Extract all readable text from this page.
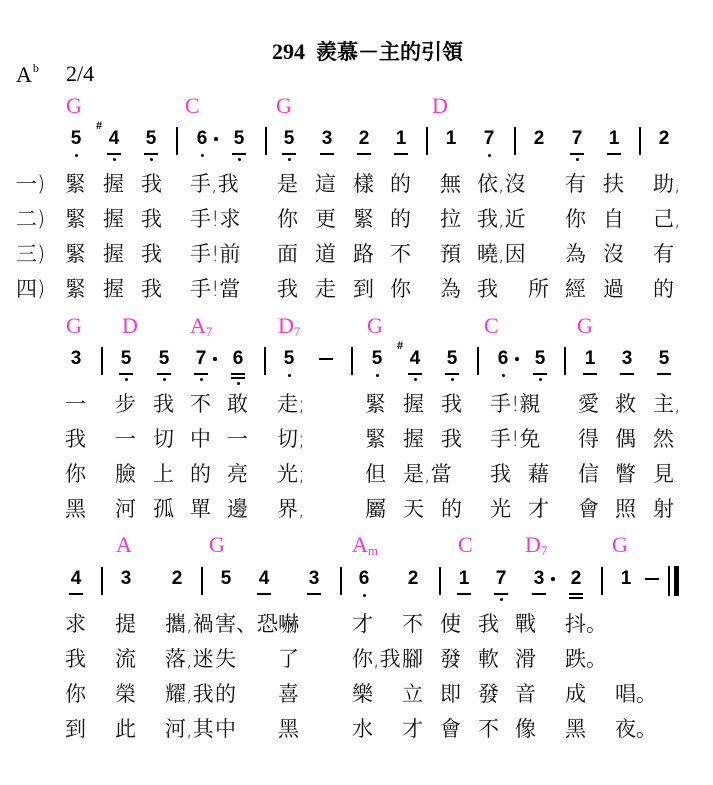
294 羨慕－主的引領
$A^b$ 2/4
G	C	G	D
5 4
#
5 6 5 5 3 2 1 1 7 2 7 1 2
一) 緊 握 我 手,我 是 這 樣 的 無 依,沒 有 扶 助,
二) 緊 握 我 手!求 你 更 緊 的 拉 我,近 你 自 己,
三) 緊 握 我 手!前 面 道 路 不 預 曉,因 為 沒 有
四) 緊 握 我 手!當 我 走 到 你 為 我 所 經 過 的
G D $A_7$	$D_7$	G	C	G
3 5 5 7 6 5	5 4
#
5 6 5 1 3 5
一 步 我 不 敢 走;	緊 握 我 手!親 愛 救 主,
我 一 切 中 一 切;	緊 握 我 手!免 得 偶 然
你 臉 上 的 亮 光;	但 是,當 我 藉 信 瞥 見
黑 河 孤 單 邊 界,	屬 天 的 光 才 會 照 射
A	G	$A_m$	C $D_7$	G
4 3 2 5 4 3 6 2 1 7 3 2 1
求 提 攜,禍 害、恐 嚇	才 不 使 我 戰 抖。
我 流 落,迷 失 了	你,我 腳 發 軟 滑 跌。
你 榮 耀,我 的 喜	樂 立 即 發 音 成 唱。
到 此 河,其 中 黑	水 才 會 不 像 黑 夜。
